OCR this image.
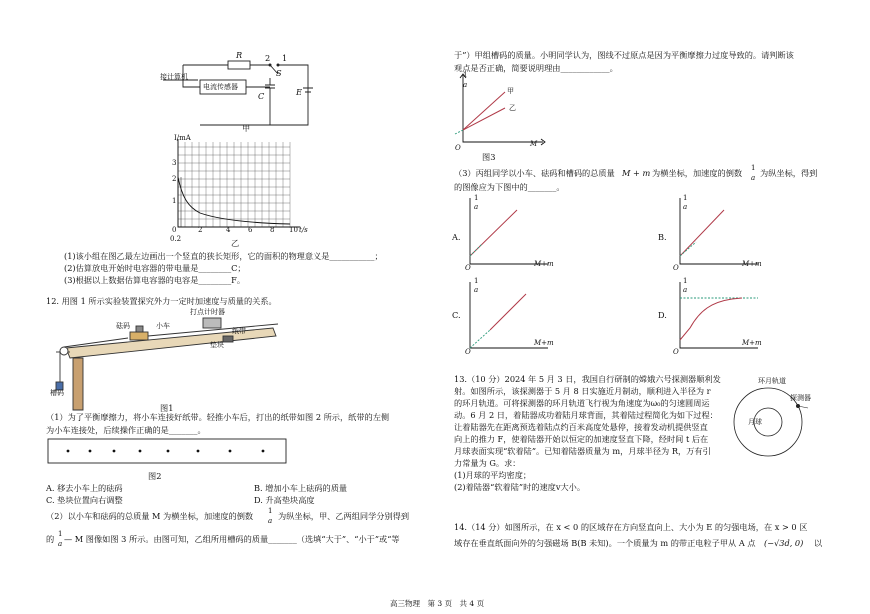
R	2 1
S
C	E
接计算机
电流传感器
甲
I/mA
3
2
1
0	2	4	6	8 10 t/s
0.2	乙
(1)该小组在图乙最左边画出一个竖直的狭长矩形，它的面积的物理意义是___________；
(2)估算放电开始时电容器的带电量是________C；
(3)根据以上数据估算电容器的电容是________F。
12. 用图 1 所示实验装置探究外力一定时加速度与质量的关系。
砝码	小车
打点计时器
纸带
垫块
槽码
图1
（1）为了平衡摩擦力，将小车连接好纸带。轻推小车后，打出的纸带如图 2 所示，纸带的左侧
为小车连接处，后续操作正确的是_______。
图2
A. 移去小车上的砝码	B. 增加小车上砝码的质量
C. 垫块位置向右调整	D. 升高垫块高度
（2）以小车和砝码的总质量 M 为横坐标，加速度的倒数 1
a 为纵坐标，甲、乙两组同学分别得到
1
a
的 — M 图像如图 3 所示。由图可知，乙组所用槽码的质量_______（选填“大于”、“小于”或“等
于”）甲组槽码的质量。小明同学认为，图线不过原点是因为平衡摩擦力过度导致的。请判断该
观点是否正确，简要说明理由____________。
1
a
甲
乙
O	M
图3
（3）丙组同学以小车、砝码和槽码的总质量 M + m 为横坐标，加速度的倒数 1
a 为纵坐标，得到
的图像应为下图中的_______。
A.
1
a
O	M+m
B.
1
a
O	M+m
C.
1
a
O
M+m
D.
1
a
O
M+m
13.（10 分）2024 年 5 月 3 日，我国自行研制的嫦娥六号探测器顺利发
射。如图所示，该探测器于 5 月 8 日实施近月制动，顺利进入半径为 r
的环月轨道。可将探测器的环月轨道飞行视为角速度为ω₀的匀速圆周运
动。6 月 2 日，着陆器成功着陆月球背面，其着陆过程简化为如下过程：
让着陆器先在距离预选着陆点约百米高度处悬停，接着发动机提供竖直
向上的推力 F，使着陆器开始以恒定的加速度竖直下降，经时间 t 后在
月球表面实现“软着陆”。已知着陆器质量为 m，月球半径为 R，万有引
力常量为 G。求：
(1)月球的平均密度；
(2)着陆器“软着陆”时的速度v大小。
环月轨道
探测器
月球
14.（14 分）如图所示，在 x < 0 的区域存在方向竖直向上、大小为 E 的匀强电场，在 x > 0 区
域存在垂直纸面向外的匀强磁场 B(B 未知)。一个质量为 m 的带正电粒子甲从 A 点 (−√3d, 0) 以
高三物理　第 3 页　共 4 页
